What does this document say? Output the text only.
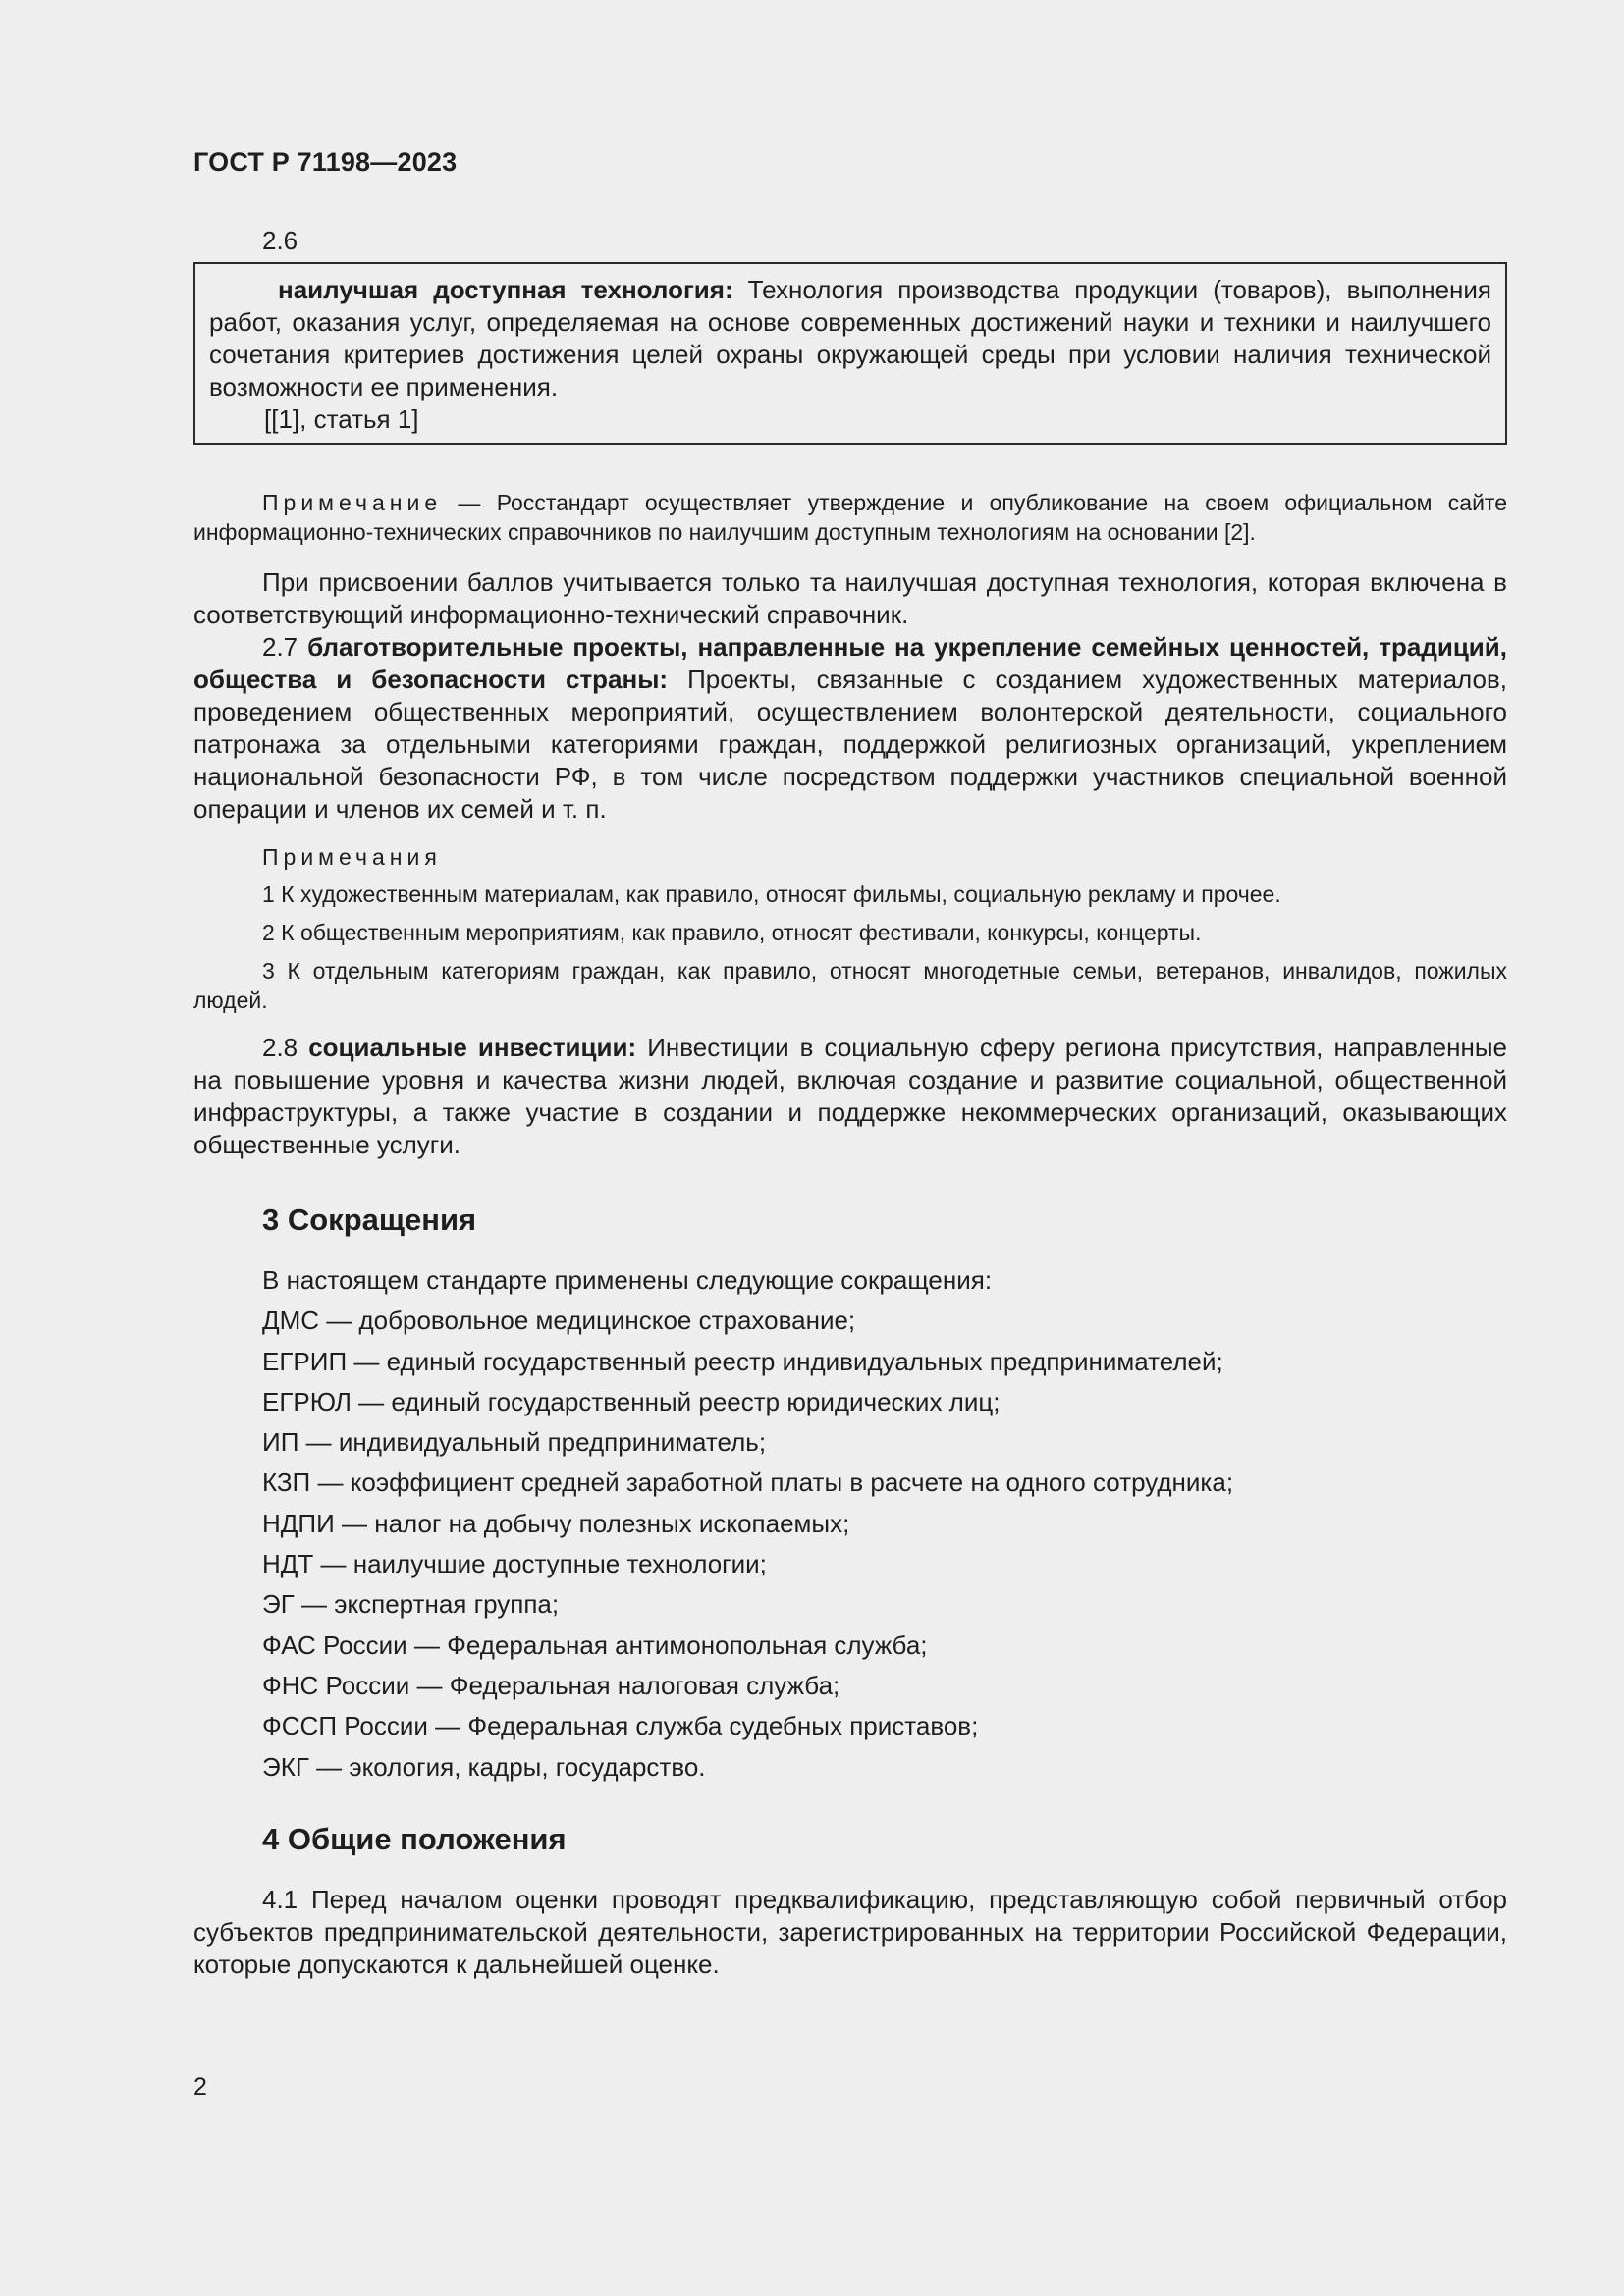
ГОСТ Р 71198—2023
2.6

наилучшая доступная технология: Технология производства продукции (товаров), выполнения работ, оказания услуг, определяемая на основе современных достижений науки и техники и наилучшего сочетания критериев достижения целей охраны окружающей среды при условии наличия технической возможности ее применения.

[[1], статья 1]
Примечание — Росстандарт осуществляет утверждение и опубликование на своем официальном сайте информационно-технических справочников по наилучшим доступным технологиям на основании [2].
При присвоении баллов учитывается только та наилучшая доступная технология, которая включена в соответствующий информационно-технический справочник.
2.7 благотворительные проекты, направленные на укрепление семейных ценностей, традиций, общества и безопасности страны: Проекты, связанные с созданием художественных материалов, проведением общественных мероприятий, осуществлением волонтерской деятельности, социального патронажа за отдельными категориями граждан, поддержкой религиозных организаций, укреплением национальной безопасности РФ, в том числе посредством поддержки участников специальной военной операции и членов их семей и т. п.
Примечания
1 К художественным материалам, как правило, относят фильмы, социальную рекламу и прочее.
2 К общественным мероприятиям, как правило, относят фестивали, конкурсы, концерты.
3 К отдельным категориям граждан, как правило, относят многодетные семьи, ветеранов, инвалидов, пожилых людей.
2.8 социальные инвестиции: Инвестиции в социальную сферу региона присутствия, направленные на повышение уровня и качества жизни людей, включая создание и развитие социальной, общественной инфраструктуры, а также участие в создании и поддержке некоммерческих организаций, оказывающих общественные услуги.
3 Сокращения
В настоящем стандарте применены следующие сокращения:
ДМС — добровольное медицинское страхование;
ЕГРИП — единый государственный реестр индивидуальных предпринимателей;
ЕГРЮЛ — единый государственный реестр юридических лиц;
ИП — индивидуальный предприниматель;
КЗП — коэффициент средней заработной платы в расчете на одного сотрудника;
НДПИ — налог на добычу полезных ископаемых;
НДТ — наилучшие доступные технологии;
ЭГ — экспертная группа;
ФАС России — Федеральная антимонопольная служба;
ФНС России — Федеральная налоговая служба;
ФССП России — Федеральная служба судебных приставов;
ЭКГ — экология, кадры, государство.
4 Общие положения
4.1 Перед началом оценки проводят предквалификацию, представляющую собой первичный отбор субъектов предпринимательской деятельности, зарегистрированных на территории Российской Федерации, которые допускаются к дальнейшей оценке.
2
